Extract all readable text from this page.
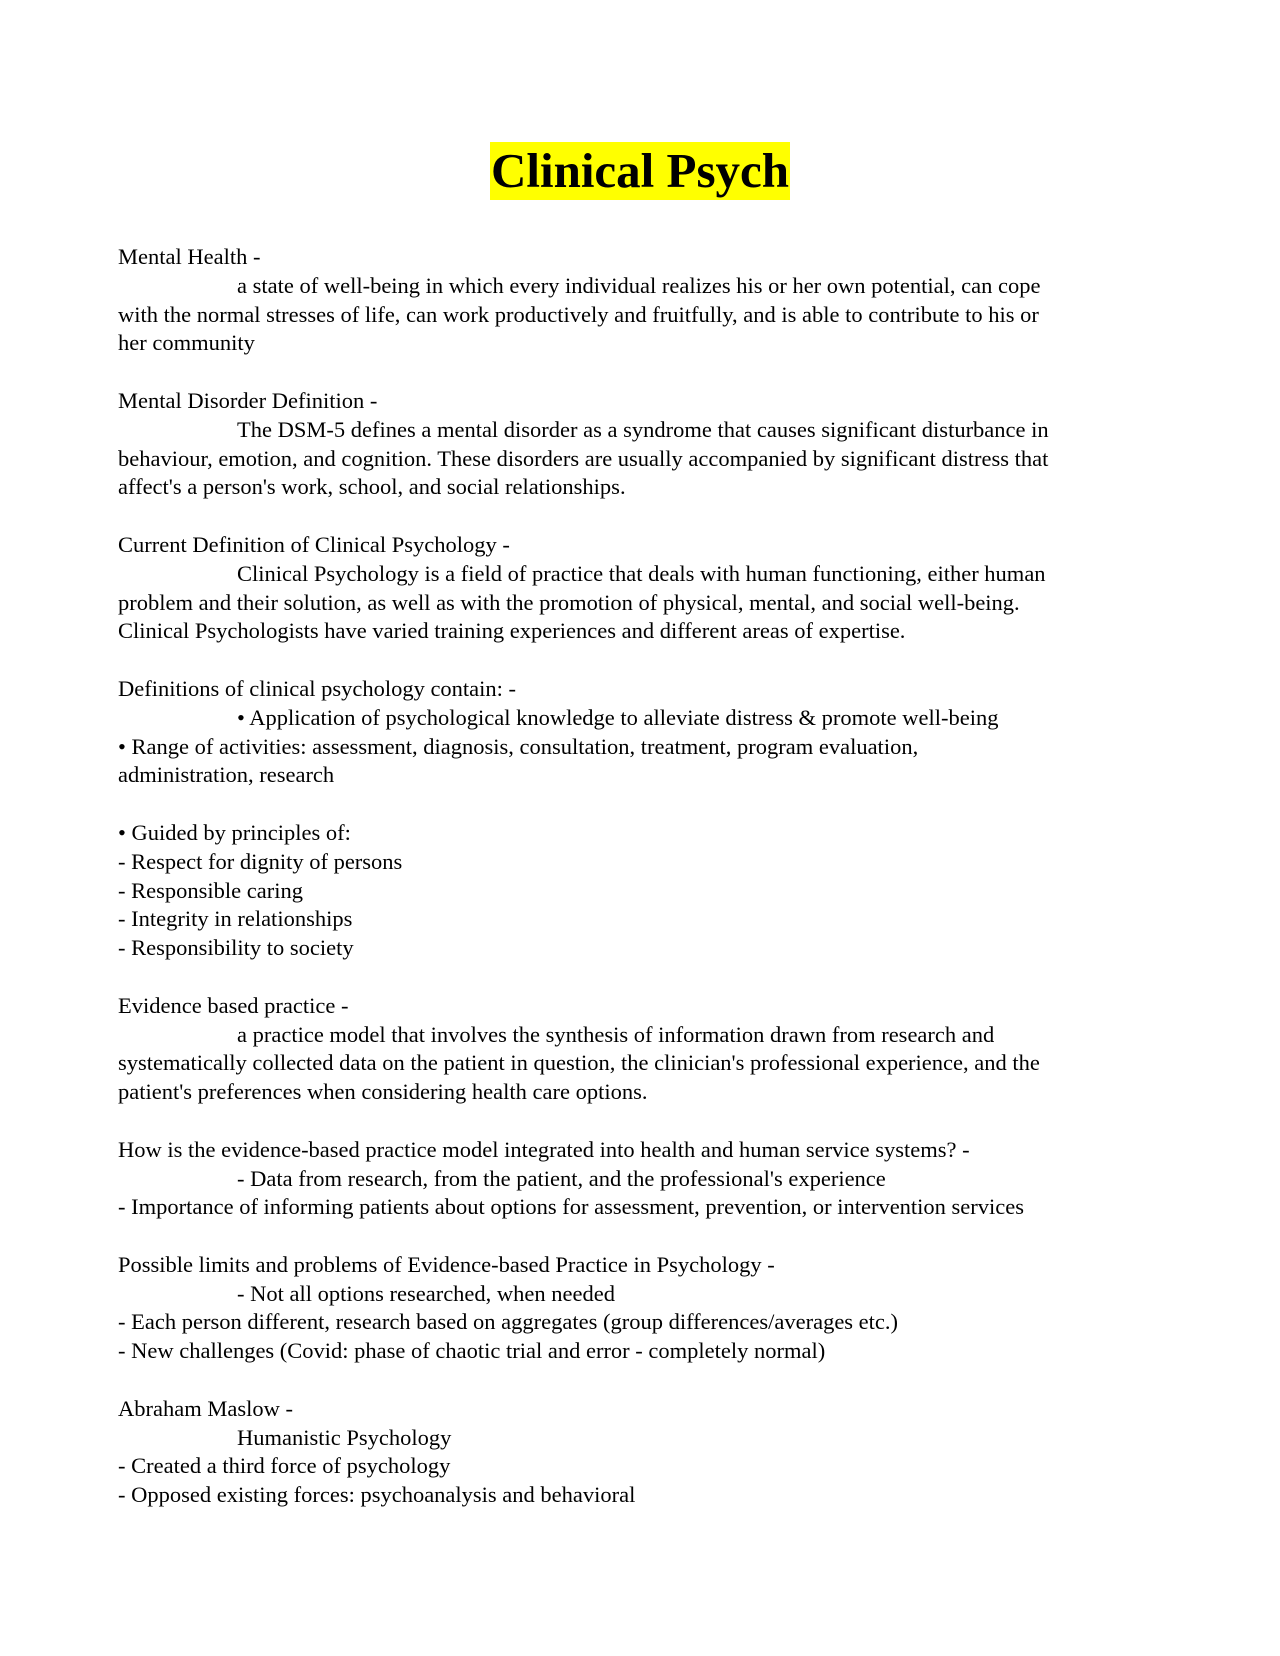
Clinical Psych
Mental Health -
a state of well-being in which every individual realizes his or her own potential, can cope
with the normal stresses of life, can work productively and fruitfully, and is able to contribute to his or
her community
Mental Disorder Definition -
The DSM-5 defines a mental disorder as a syndrome that causes significant disturbance in
behaviour, emotion, and cognition. These disorders are usually accompanied by significant distress that
affect's a person's work, school, and social relationships.
Current Definition of Clinical Psychology -
Clinical Psychology is a field of practice that deals with human functioning, either human
problem and their solution, as well as with the promotion of physical, mental, and social well-being.
Clinical Psychologists have varied training experiences and different areas of expertise.
Definitions of clinical psychology contain: -
• Application of psychological knowledge to alleviate distress & promote well-being
• Range of activities: assessment, diagnosis, consultation, treatment, program evaluation,
administration, research
• Guided by principles of:
- Respect for dignity of persons
- Responsible caring
- Integrity in relationships
- Responsibility to society
Evidence based practice -
a practice model that involves the synthesis of information drawn from research and
systematically collected data on the patient in question, the clinician's professional experience, and the
patient's preferences when considering health care options.
How is the evidence-based practice model integrated into health and human service systems? -
- Data from research, from the patient, and the professional's experience
- Importance of informing patients about options for assessment, prevention, or intervention services
Possible limits and problems of Evidence-based Practice in Psychology -
- Not all options researched, when needed
- Each person different, research based on aggregates (group differences/averages etc.)
- New challenges (Covid: phase of chaotic trial and error - completely normal)
Abraham Maslow -
Humanistic Psychology
- Created a third force of psychology
- Opposed existing forces: psychoanalysis and behavioral
